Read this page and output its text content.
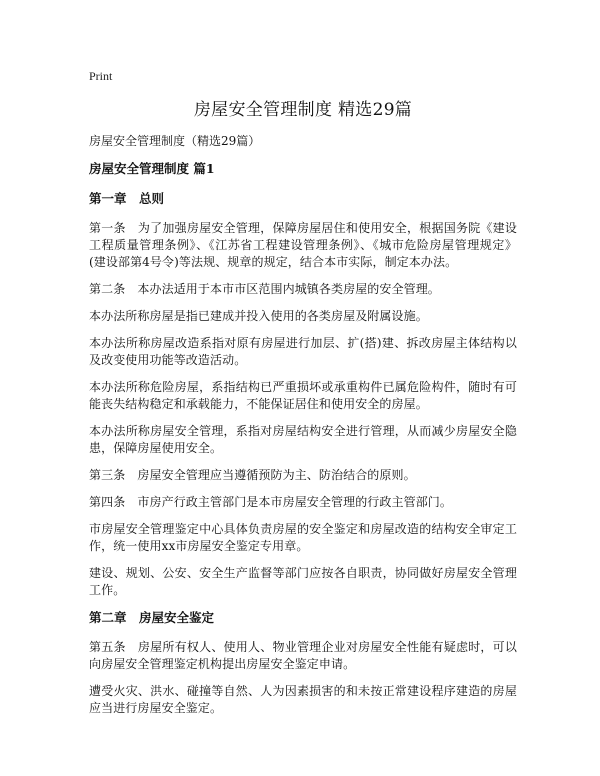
Print
房屋安全管理制度 精选29篇
房屋安全管理制度（精选29篇）
房屋安全管理制度 篇1
第一章　总则

第一条　为了加强房屋安全管理，保障房屋居住和使用安全，根据国务院《建设工程质量管理条例》、《江苏省工程建设管理条例》、《城市危险房屋管理规定》(建设部第4号令)等法规、规章的规定，结合本市实际，制定本办法。

第二条　本办法适用于本市市区范围内城镇各类房屋的安全管理。

本办法所称房屋是指已建成并投入使用的各类房屋及附属设施。

本办法所称房屋改造系指对原有房屋进行加层、扩(搭)建、拆改房屋主体结构以及改变使用功能等改造活动。

本办法所称危险房屋，系指结构已严重损坏或承重构件已属危险构件，随时有可能丧失结构稳定和承载能力，不能保证居住和使用安全的房屋。

本办法所称房屋安全管理，系指对房屋结构安全进行管理，从而减少房屋安全隐患，保障房屋使用安全。

第三条　房屋安全管理应当遵循预防为主、防治结合的原则。

第四条　市房产行政主管部门是本市房屋安全管理的行政主管部门。

市房屋安全管理鉴定中心具体负责房屋的安全鉴定和房屋改造的结构安全审定工作，统一使用xx市房屋安全鉴定专用章。

建设、规划、公安、安全生产监督等部门应按各自职责，协同做好房屋安全管理工作。

第二章　房屋安全鉴定

第五条　房屋所有权人、使用人、物业管理企业对房屋安全性能有疑虑时，可以向房屋安全管理鉴定机构提出房屋安全鉴定申请。

遭受火灾、洪水、碰撞等自然、人为因素损害的和未按正常建设程序建造的房屋应当进行房屋安全鉴定。
